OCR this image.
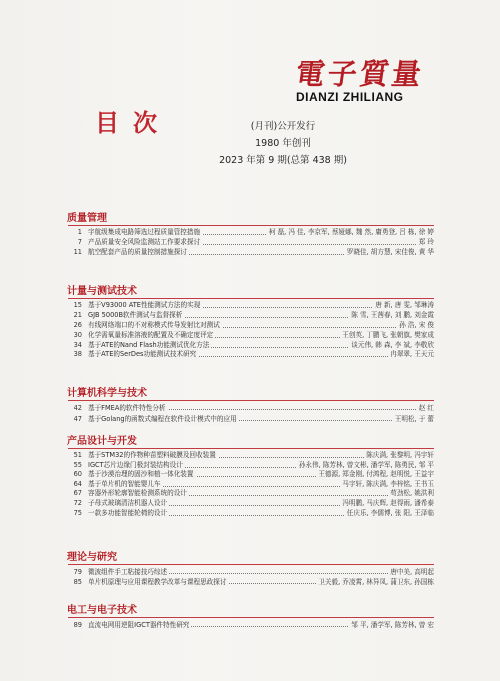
電子質量
DIANZI ZHILIANG
目次	(月刊)公开发行
1980 年创刊
2023 年第 9 期(总第 438 期)
质量管理
1 宇航级集成电路筛选过程质量管控措施	柯 磊, 冯 佳, 李京军, 蔡娅娜, 魏 然, 庸勇登, 吕 栋, 徐 婷
7 产品质量安全风险监测站工作要求探讨	郑 玲
11 航空配套产品的质量控制措施探讨	罗晓佳, 胡方慧, 宋佳俊, 黄 华
计量与测试技术
15 基于V93000 ATE性能测试方法的实现	唐 新, 唐 雯, 邹琳涛
21 GJB 5000B软件测试与监督探析	陈 雪, 王茜春, 刘 鹏, 刘金霞
26 有线网络端口的不对称模式传导发射比对测试	孙 浩, 宋 俊
30 化学需氧量标准溶液的配置及不确定度评定	王创英, 丁鹏飞, 张朝旗, 樊家成
34 基于ATE的Nand Flash功能测试优化方法	谈元伟, 韩 森, 李 斌, 李敬欣
38 基于ATE的SerDes功能测试技术研究	冉翠翠, 王天元
计算机科学与技术
42 基于FMEA的软件特性分析	赵 红
47 基于Golang的函数式编程在软件设计模式中的应用	王明松, 于 蕾
产品设计与开发
51 基于STM32的作物种苗塑料破膜及回收装置	陈庆满, 张黎明, 冯宇轩
55 IGCT芯片边缘门极封装结构设计	孙永伟, 陈芳林, 曾文彬, 潘学军, 陈勇民, 邹 平
60 基于沙漠治理的固沙和植一体化装置	王德源, 郑金刚, 付鸿程, 赵明悦, 王益宇
64 基于单片机的智能婴儿车	马宇轩, 陈庆满, 李梓铭, 王书玉
67 容器外形轮廓智能检测系统的设计	苟劲松, 姚洪利
72 子母式玻璃清洁机器人设计	冯明鹏, 马庆辉, 赵得雨, 潘希泰
75 一款多功能智能轮椅的设计	任庆乐, 李儒博, 张 阳, 王泽临
理论与研究
79 微波组件手工粘接技巧综述	唐中美, 高明起
85 单片机原理与应用课程教学改革与课程思政探讨	卫关毅, 乔凌霄, 林异凤, 蒲卫东, 孙国栋
电工与电子技术
89 直流电网用逆阻IGCT器件特性研究	邹 平, 潘学军, 陈芳林, 曾 宏
